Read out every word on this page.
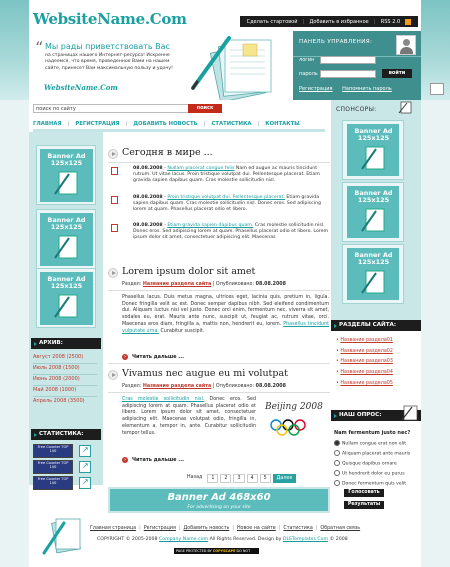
WebsiteName.Com	Сделать стартовой | Добавить в избранное | RSS 2.0
“ Мы рады приветствовать Вас
на страницах нашего Интернет-ресурса! Искренне надеемся, что время, проведенное Вами на нашем сайте, принесет Вам максимальную пользу и удачу!
WebsiteName.Com
ПАНЕЛЬ УПРАВЛЕНИЯ:
логин
пароль	войти
Регистрация Напомнить пароль
поиск по сайту	поиск
ГЛАВНАЯ | РЕГИСТРАЦИЯ | ДОБАВИТЬ НОВОСТЬ | СТАТИСТИКА | КОНТАКТЫ
Banner Ad 125x125
Banner Ad 125x125
Banner Ad 125x125
АРХИВ:
Август 2008 (2500)
Июль 2008 (1500)
Июнь 2008 (2000)
Май 2008 (1000)
Апрель 2008 (3500)
СТАТИСТИКА:
Free Counter TOP 100
↗
Free Counter TOP 100
↗
Free Counter TOP 100
↗
Сегодня в мире ...
08.08.2008 - Nullam placerat congue felis Nam ed augue ac mauris tincidunt rutrum. Ut vitae lacus. Proin tristique volutpat dui. Pellentesque placerat. Etiam gravida sapien dapibus quam. Cras molestie sollicitudin nisl.
08.08.2008 - Proin tristique volutpat dui. Pellentesque placerat. Etiam gravida sapien dapibus quam. Cras molestie sollicitudin nisl. Donec eros. Sed adipiscing lorem at quam. Phasellus placerat odio et libero.
08.08.2008 - Etiam gravida sapien dapibus quam. Cras molestie sollicitudin nisl. Donec eros. Sed adipiscing lorem at quam. Phasellus placerat odio et libero. Lorem ipsum dolor sit amet, consectetuer adipiscing elit. Maecenas
Lorem ipsum dolor sit amet
Раздел: Название раздела сайта | Опубликовано: 08.08.2008
Phasellus lacus. Duis metus magna, ultrices eget, lacinia quis, pretium in, ligula. Donec fringilla velit ac est. Donec semper dapibus nibh. Sed eleifend condimentum dui. Aliquam luctus nisi vel justo. Donec orci enim, fermentum nec, viverra sit amet, sodales eu, erat. Mauris ante nunc, suscipit ut, feugiat ac, rutrum vitae, orci. Maecenas eros diam, fringilla a, mattis non, hendrerit eu, lorem. Phasellus tincidunt vulputate urna. Curabitur suscipit.
› Читать дальше ...
Vivamus nec augue eu mi volutpat
Раздел: Название раздела сайта | Опубликовано: 08.08.2008
Cras molestie sollicitudin nisl. Donec eros. Sed adipiscing lorem at quam. Phasellus placerat odio et libero. Lorem ipsum dolor sit amet, consectetuer adipiscing elit. Maecenas volutpat odio, fringilla in, elementum a, tempor in, ante. Curabitur sollicitudin tempor tellus.
Beijing 2008
› Читать дальше ...
Назад	1	2	3	4	5	Далее
Banner Ad 468x60
For advertising on your site
СПОНСОРЫ:
Banner Ad 125x125
Banner Ad 125x125
Banner Ad 125x125
РАЗДЕЛЫ САЙТА:
• Название раздела01
• Название раздела02
• Название раздела03
• Название раздела04
• Название раздела05
НАШ ОПРОС:
Nam fermentum justo nec?
Nullam congue erat non elit
Aliquam placerat ante mauris
Quisque dapibus ornare
Ut hendrerit dolor eu purus
Donec fermentum quis velit
Голосовать
Результаты
Главная страница | Регистрация | Добавить новость | Новое на сайте | Статистика | Обратная связь
COPYRIGHT © 2005-2008 Company Name.com All Rights Reserved. Design by DLETemplates.Com © 2008
PAGE PROTECTED BY COPYSCAPE DO NOT COPY
